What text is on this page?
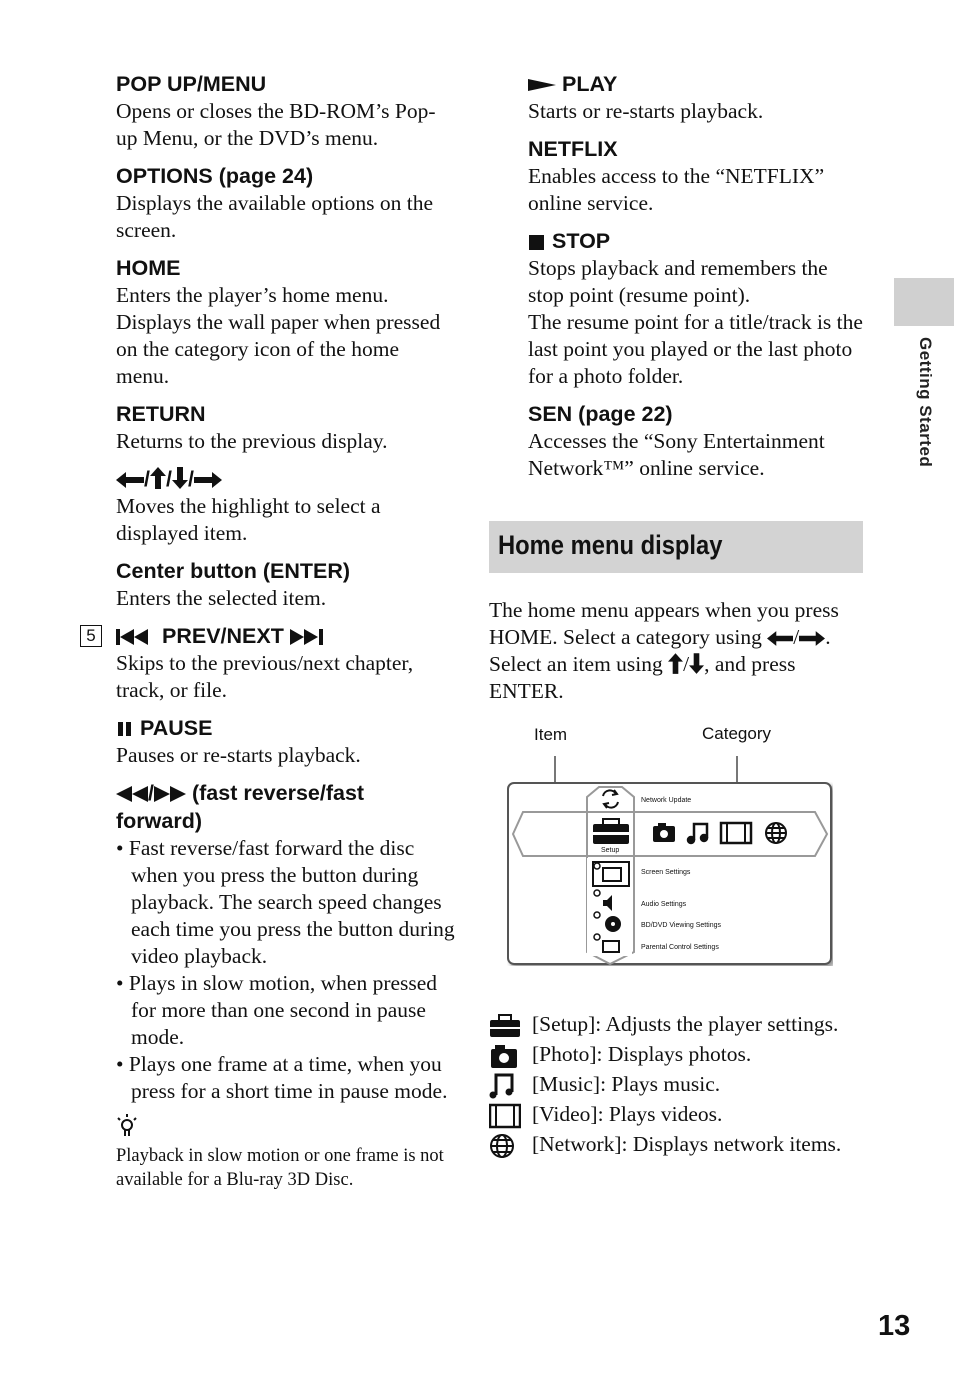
POP UP/MENU

Opens or closes the BD-ROM’s Pop-up Menu, or the DVD’s menu.

OPTIONS (page 24)

Displays the available options on the screen.

HOME

Enters the player’s home menu. Displays the wall paper when pressed on the category icon of the home menu.

RETURN

Returns to the previous display.

/ / /

Moves the highlight to select a displayed item.

Center button (ENTER)

Enters the selected item.

5	PREV/NEXT

Skips to the previous/next chapter, track, or file.

PAUSE

Pauses or re-starts playback.

/ (fast reverse/fast forward)

• Fast reverse/fast forward the disc when you press the button during playback. The search speed changes each time you press the button during video playback.
• Plays in slow motion, when pressed for more than one second in pause mode.
• Plays one frame at a time, when you press for a short time in pause mode.

Playback in slow motion or one frame is not available for a Blu-ray 3D Disc.

PLAY

Starts or re-starts playback.

NETFLIX

Enables access to the “NETFLIX” online service.

STOP

Stops playback and remembers the stop point (resume point).

The resume point for a title/track is the last point you played or the last photo for a photo folder.

SEN (page 22)

Accesses the “Sony Entertainment Network™” online service.

Home menu display
The home menu appears when you press HOME. Select a category using / . Select an item using / , and press ENTER.
Item	Category
Network Update
Setup
Screen Settings
Audio Settings
BD/DVD Viewing Settings
Parental Control Settings
[Setup]: Adjusts the player settings.
[Photo]: Displays photos.
[Music]: Plays music.
[Video]: Plays videos.
[Network]: Displays network items.
Getting Started
13
